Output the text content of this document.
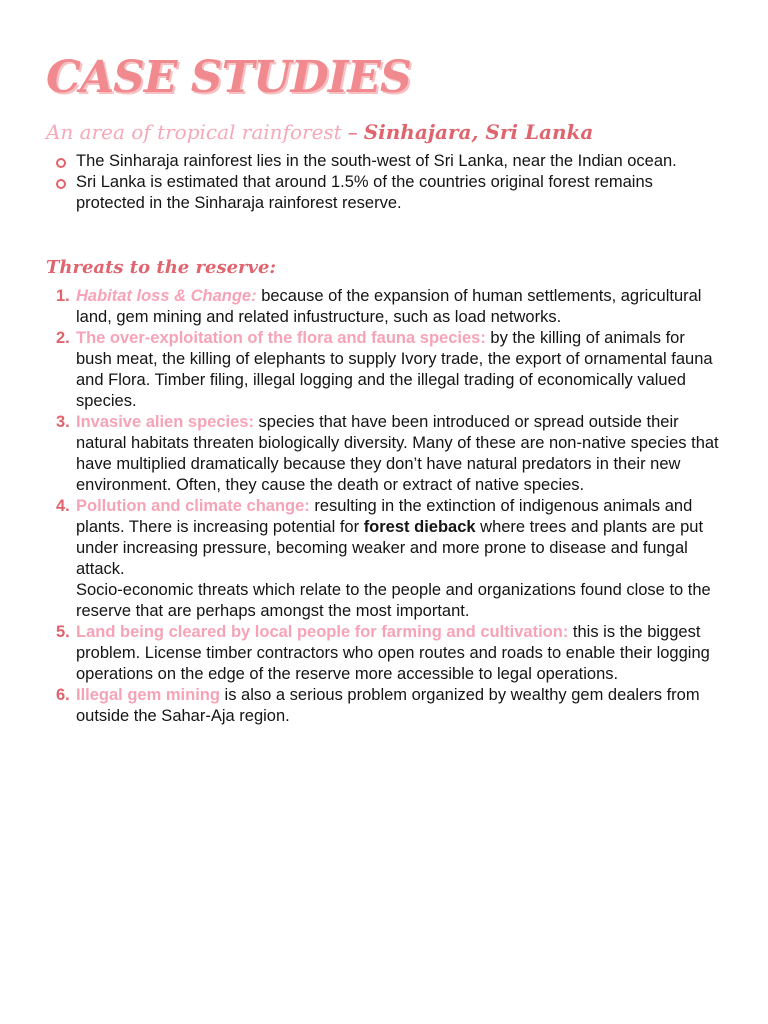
CASE STUDIES
An area of tropical rainforest – Sinhajara, Sri Lanka
The Sinharaja rainforest lies in the south-west of Sri Lanka, near the Indian ocean.
Sri Lanka is estimated that around 1.5% of the countries original forest remains protected in the Sinharaja rainforest reserve.
Threats to the reserve:
1. Habitat loss & Change: because of the expansion of human settlements, agricultural land, gem mining and related infustructure, such as load networks.
2. The over-exploitation of the flora and fauna species: by the killing of animals for bush meat, the killing of elephants to supply Ivory trade, the export of ornamental fauna and Flora. Timber filing, illegal logging and the illegal trading of economically valued species.
3. Invasive alien species: species that have been introduced or spread outside their natural habitats threaten biologically diversity. Many of these are non-native species that have multiplied dramatically because they don’t have natural predators in their new environment. Often, they cause the death or extract of native species.
4. Pollution and climate change: resulting in the extinction of indigenous animals and plants. There is increasing potential for forest dieback where trees and plants are put under increasing pressure, becoming weaker and more prone to disease and fungal attack.
Socio-economic threats which relate to the people and organizations found close to the reserve that are perhaps amongst the most important.
5. Land being cleared by local people for farming and cultivation: this is the biggest problem. License timber contractors who open routes and roads to enable their logging operations on the edge of the reserve more accessible to legal operations.
6. Illegal gem mining is also a serious problem organized by wealthy gem dealers from outside the Sahar-Aja region.
